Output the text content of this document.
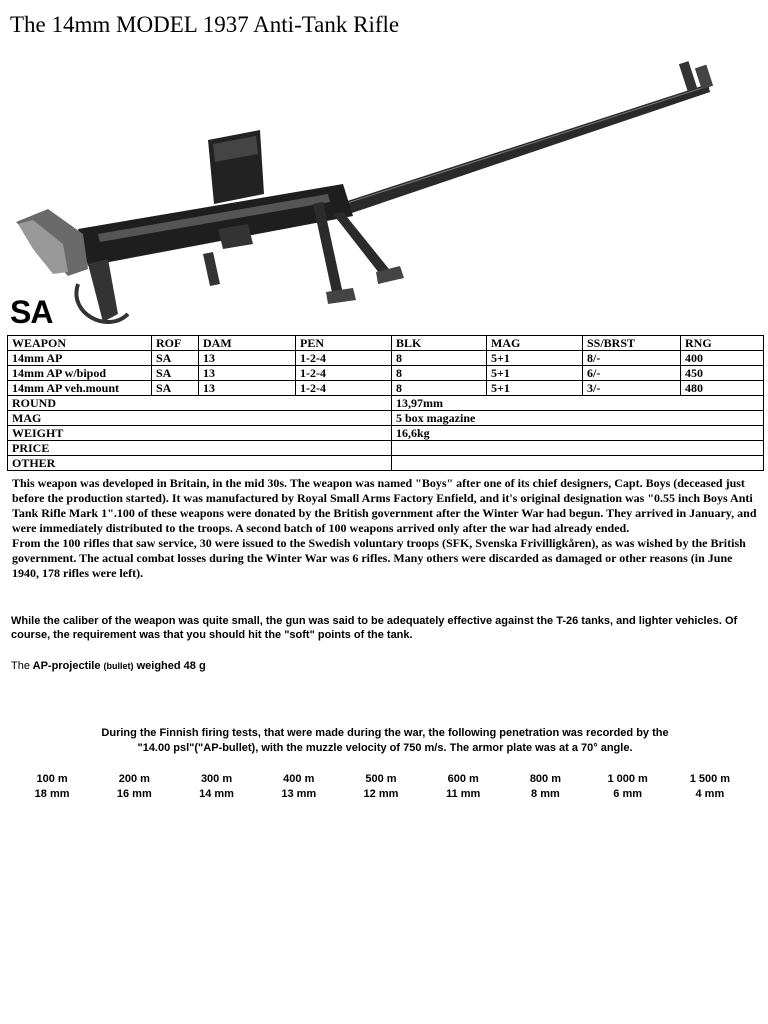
The 14mm MODEL 1937 Anti-Tank Rifle
SA
WEAPON	ROF	DAM	PEN	BLK	MAG	SS/BRST	RNG
14mm AP	SA	13	1-2-4	8	5+1	8/-	400
14mm AP w/bipod	SA	13	1-2-4	8	5+1	6/-	450
14mm AP veh.mount	SA	13	1-2-4	8	5+1	3/-	480
ROUND				13,97mm			
MAG				5 box magazine			
WEIGHT				16,6kg			
PRICE							
OTHER							
This weapon was developed in Britain, in the mid 30s. The weapon was named "Boys" after one of its chief designers, Capt. Boys (deceased just before the production started). It was manufactured by Royal Small Arms Factory Enfield, and it's original designation was "0.55 inch Boys Anti Tank Rifle Mark 1".100 of these weapons were donated by the British government after the Winter War had begun. They arrived in January, and were immediately distributed to the troops. A second batch of 100 weapons arrived only after the war had already ended.
From the 100 rifles that saw service, 30 were issued to the Swedish voluntary troops (SFK, Svenska Frivilligkåren), as was wished by the British government. The actual combat losses during the Winter War was 6 rifles. Many others were discarded as damaged or other reasons (in June 1940, 178 rifles were left).

While the caliber of the weapon was quite small, the gun was said to be adequately effective against the T-26 tanks, and lighter vehicles. Of course, the requirement was that you should hit the "soft" points of the tank.

The AP-projectile (bullet) weighed 48 g

During the Finnish firing tests, that were made during the war, the following penetration was recorded by the
"14.00 psl"("AP-bullet), with the muzzle velocity of 750 m/s. The armor plate was at a 70° angle.
100 m	200 m	300 m	400 m	500 m	600 m	800 m	1 000 m	1 500 m
18 mm	16 mm	14 mm	13 mm	12 mm	11 mm	8 mm	6 mm	4 mm
